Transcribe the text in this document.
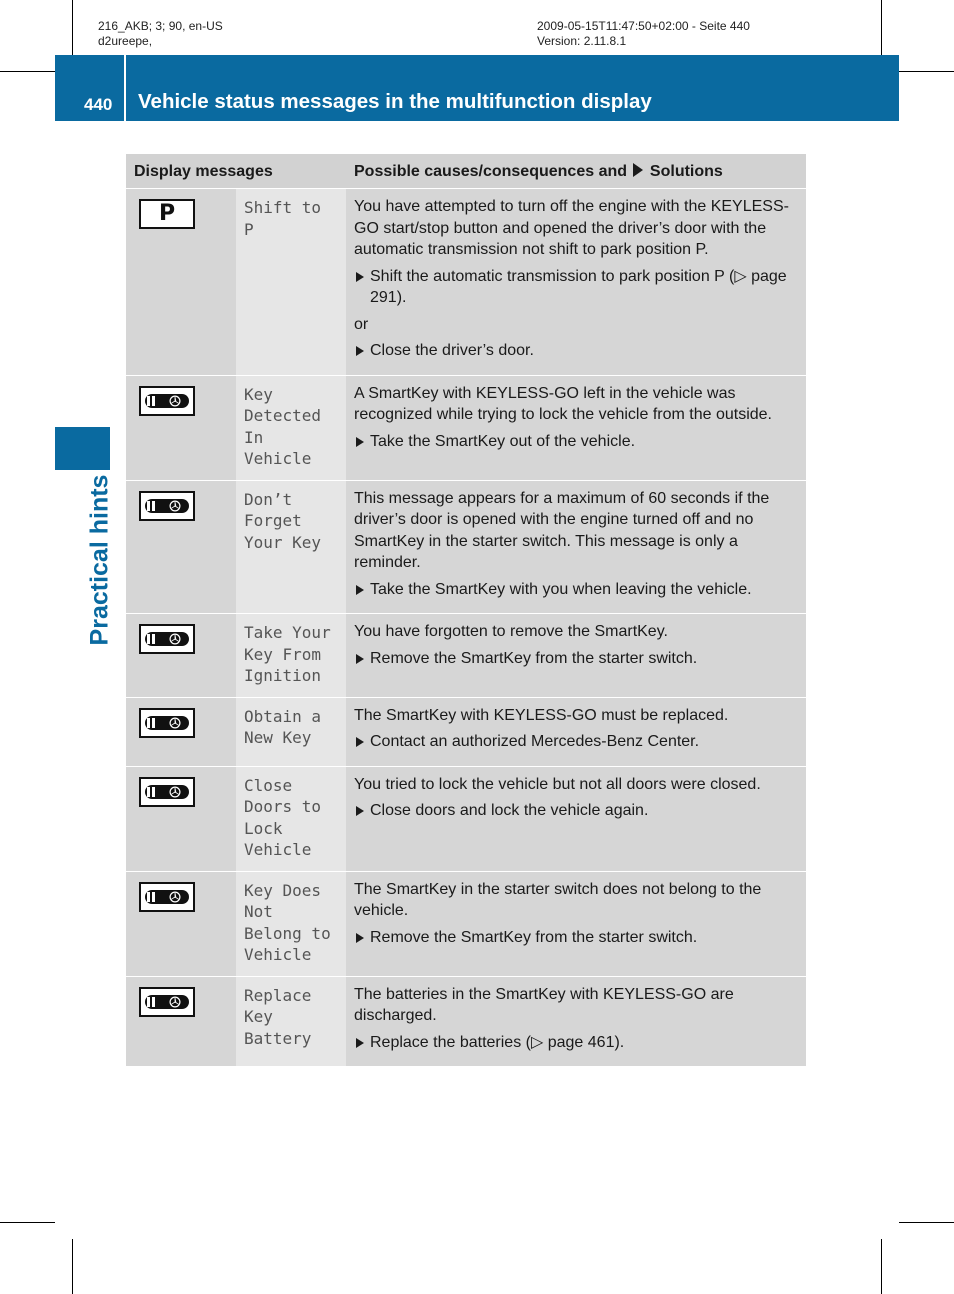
216_AKB; 3; 90, en-US
d2ureepe,
2009-05-15T11:47:50+02:00 - Seite 440
Version: 2.11.8.1
440 Vehicle status messages in the multifunction display
Practical hints
Display messages		Possible causes/consequences and Solutions

P	Shift to P	You have attempted to turn off the engine with the KEYLESS-GO start/stop button and opened the driver’s door with the automatic transmission not shift to park position P.
Shift the automatic transmission to park position P (▷ page 291).
or
Close the driver’s door.

	Key Detected In Vehicle	A SmartKey with KEYLESS-GO left in the vehicle was recognized while trying to lock the vehicle from the outside.
Take the SmartKey out of the vehicle.

	Don’t Forget Your Key	This message appears for a maximum of 60 seconds if the driver’s door is opened with the engine turned off and no SmartKey in the starter switch. This message is only a reminder.
Take the SmartKey with you when leaving the vehicle.

	Take Your Key From Ignition	You have forgotten to remove the SmartKey.
Remove the SmartKey from the starter switch.

	Obtain a New Key	The SmartKey with KEYLESS-GO must be replaced.
Contact an authorized Mercedes-Benz Center.

	Close Doors to Lock Vehicle	You tried to lock the vehicle but not all doors were closed.
Close doors and lock the vehicle again.

	Key Does Not Belong to Vehicle	The SmartKey in the starter switch does not belong to the vehicle.
Remove the SmartKey from the starter switch.

	Replace Key Battery	The batteries in the SmartKey with KEYLESS-GO are discharged.
Replace the batteries (▷ page 461).
